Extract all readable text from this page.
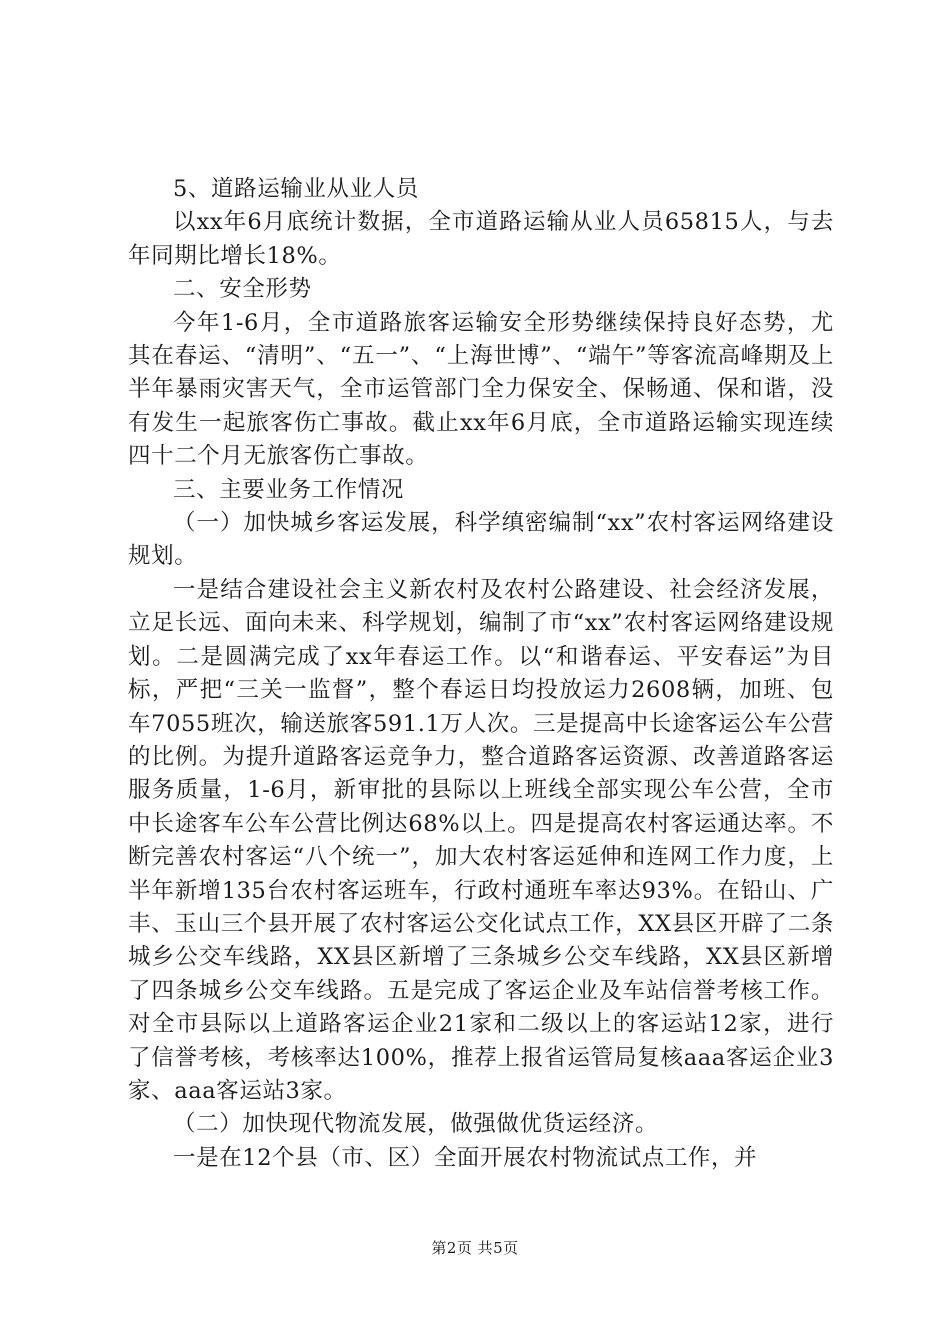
5、道路运输业从业人员

以xx年6月底统计数据，全市道路运输从业人员65815人，与去年同期比增长18%。

二、安全形势

今年1-6月，全市道路旅客运输安全形势继续保持良好态势，尤其在春运、“清明”、“五一”、“上海世博”、“端午”等客流高峰期及上半年暴雨灾害天气，全市运管部门全力保安全、保畅通、保和谐，没有发生一起旅客伤亡事故。截止xx年6月底，全市道路运输实现连续四十二个月无旅客伤亡事故。

三、主要业务工作情况

（一）加快城乡客运发展，科学缜密编制“xx”农村客运网络建设规划。

一是结合建设社会主义新农村及农村公路建设、社会经济发展，立足长远、面向未来、科学规划，编制了市“xx”农村客运网络建设规划。二是圆满完成了xx年春运工作。以“和谐春运、平安春运”为目标，严把“三关一监督”，整个春运日均投放运力2608辆，加班、包车7055班次，输送旅客591.1万人次。三是提高中长途客运公车公营的比例。为提升道路客运竞争力，整合道路客运资源、改善道路客运服务质量，1-6月，新审批的县际以上班线全部实现公车公营，全市中长途客车公车公营比例达68%以上。四是提高农村客运通达率。不断完善农村客运“八个统一”，加大农村客运延伸和连网工作力度，上半年新增135台农村客运班车，行政村通班车率达93%。在铅山、广丰、玉山三个县开展了农村客运公交化试点工作，XX县区开辟了二条城乡公交车线路，XX县区新增了三条城乡公交车线路，XX县区新增了四条城乡公交车线路。五是完成了客运企业及车站信誉考核工作。对全市县际以上道路客运企业21家和二级以上的客运站12家，进行了信誉考核，考核率达100%，推荐上报省运管局复核aaa客运企业3家、aaa客运站3家。

（二）加快现代物流发展，做强做优货运经济。

一是在12个县（市、区）全面开展农村物流试点工作，并

第2页 共5页
